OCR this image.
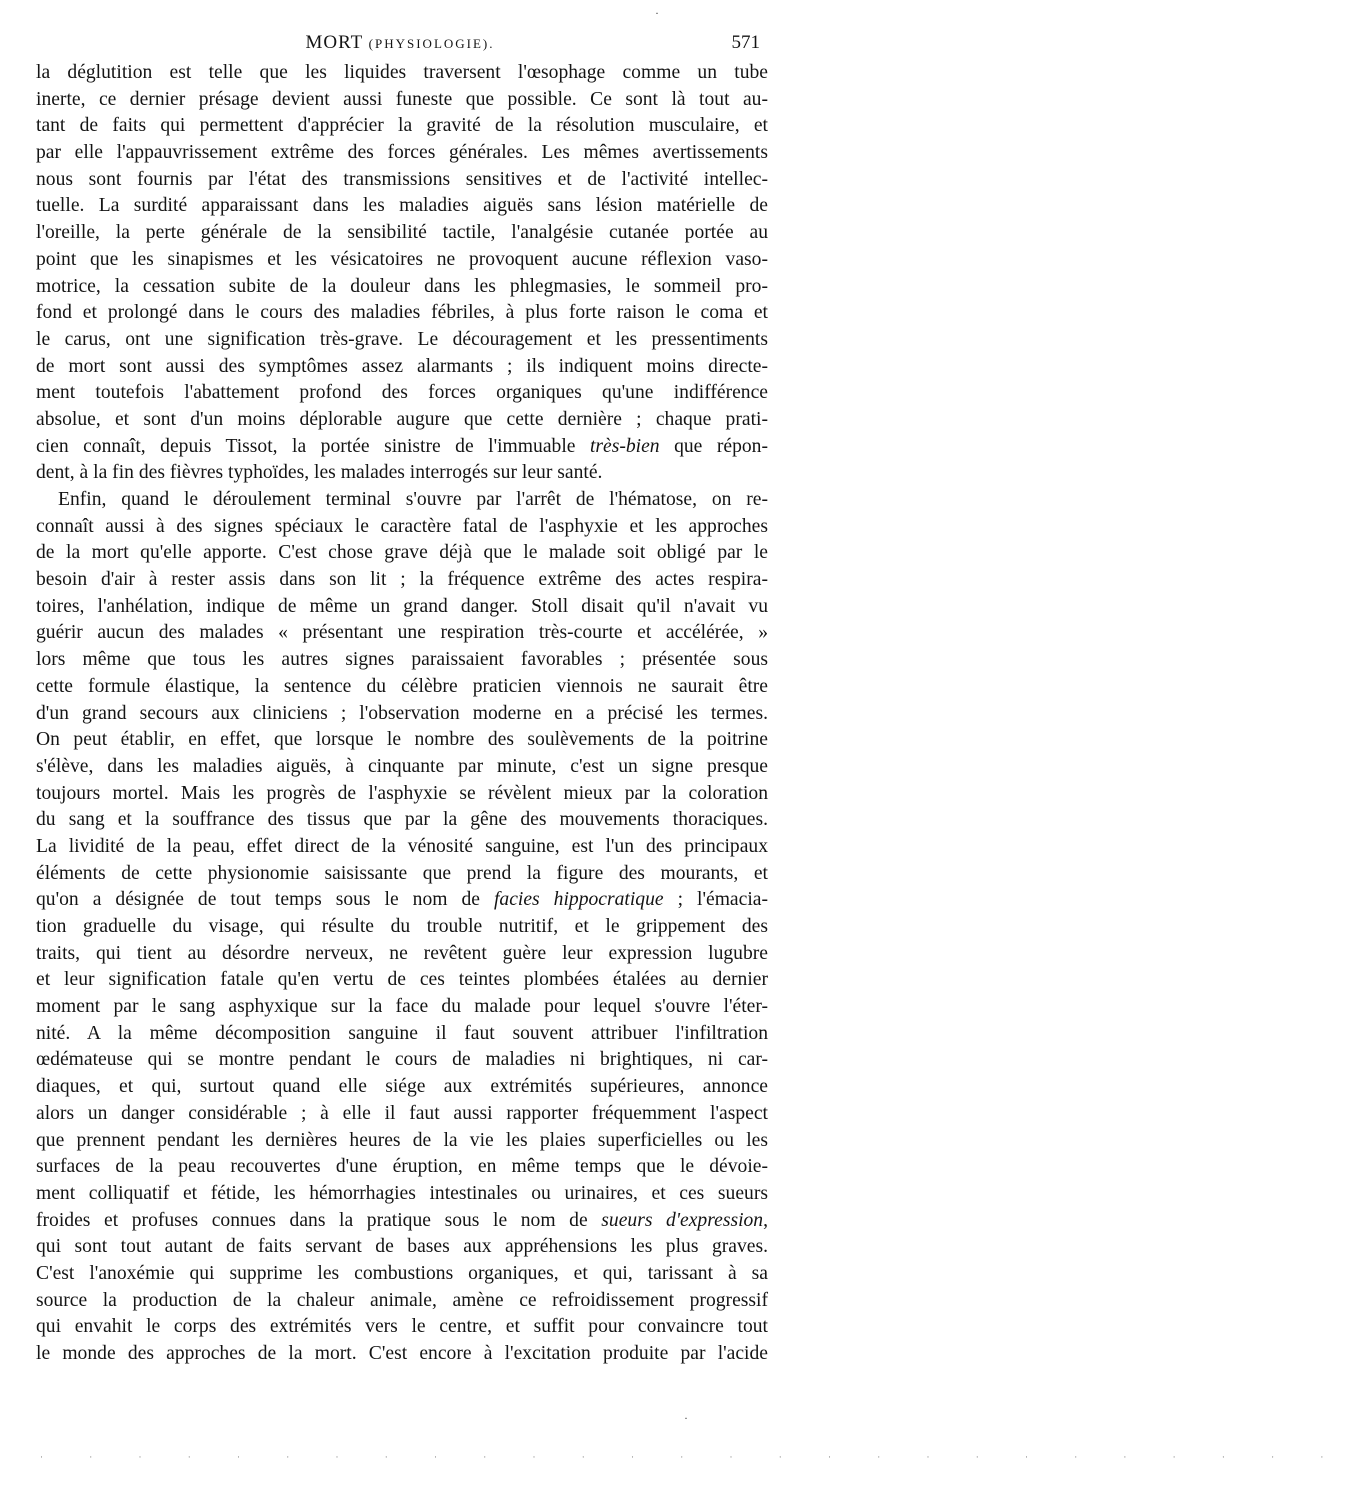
MORT (PHYSIOLOGIE).	571
la déglutition est telle que les liquides traversent l'œsophage comme un tube
inerte, ce dernier présage devient aussi funeste que possible. Ce sont là tout au-
tant de faits qui permettent d'apprécier la gravité de la résolution musculaire, et
par elle l'appauvrissement extrême des forces générales. Les mêmes avertissements
nous sont fournis par l'état des transmissions sensitives et de l'activité intellec-
tuelle. La surdité apparaissant dans les maladies aiguës sans lésion matérielle de
l'oreille, la perte générale de la sensibilité tactile, l'analgésie cutanée portée au
point que les sinapismes et les vésicatoires ne provoquent aucune réflexion vaso-
motrice, la cessation subite de la douleur dans les phlegmasies, le sommeil pro-
fond et prolongé dans le cours des maladies fébriles, à plus forte raison le coma et
le carus, ont une signification très-grave. Le découragement et les pressentiments
de mort sont aussi des symptômes assez alarmants ; ils indiquent moins directe-
ment toutefois l'abattement profond des forces organiques qu'une indifférence
absolue, et sont d'un moins déplorable augure que cette dernière ; chaque prati-
cien connaît, depuis Tissot, la portée sinistre de l'immuable très-bien que répon-
dent, à la fin des fièvres typhoïdes, les malades interrogés sur leur santé.
Enfin, quand le déroulement terminal s'ouvre par l'arrêt de l'hématose, on re-
connaît aussi à des signes spéciaux le caractère fatal de l'asphyxie et les approches
de la mort qu'elle apporte. C'est chose grave déjà que le malade soit obligé par le
besoin d'air à rester assis dans son lit ; la fréquence extrême des actes respira-
toires, l'anhélation, indique de même un grand danger. Stoll disait qu'il n'avait vu
guérir aucun des malades « présentant une respiration très-courte et accélérée, »
lors même que tous les autres signes paraissaient favorables ; présentée sous
cette formule élastique, la sentence du célèbre praticien viennois ne saurait être
d'un grand secours aux cliniciens ; l'observation moderne en a précisé les termes.
On peut établir, en effet, que lorsque le nombre des soulèvements de la poitrine
s'élève, dans les maladies aiguës, à cinquante par minute, c'est un signe presque
toujours mortel. Mais les progrès de l'asphyxie se révèlent mieux par la coloration
du sang et la souffrance des tissus que par la gêne des mouvements thoraciques.
La lividité de la peau, effet direct de la vénosité sanguine, est l'un des principaux
éléments de cette physionomie saisissante que prend la figure des mourants, et
qu'on a désignée de tout temps sous le nom de facies hippocratique ; l'émacia-
tion graduelle du visage, qui résulte du trouble nutritif, et le grippement des
traits, qui tient au désordre nerveux, ne revêtent guère leur expression lugubre
et leur signification fatale qu'en vertu de ces teintes plombées étalées au dernier
moment par le sang asphyxique sur la face du malade pour lequel s'ouvre l'éter-
nité. A la même décomposition sanguine il faut souvent attribuer l'infiltration
œdémateuse qui se montre pendant le cours de maladies ni brightiques, ni car-
diaques, et qui, surtout quand elle siége aux extrémités supérieures, annonce
alors un danger considérable ; à elle il faut aussi rapporter fréquemment l'aspect
que prennent pendant les dernières heures de la vie les plaies superficielles ou les
surfaces de la peau recouvertes d'une éruption, en même temps que le dévoie-
ment colliquatif et fétide, les hémorrhagies intestinales ou urinaires, et ces sueurs
froides et profuses connues dans la pratique sous le nom de sueurs d'expression,
qui sont tout autant de faits servant de bases aux appréhensions les plus graves.
C'est l'anoxémie qui supprime les combustions organiques, et qui, tarissant à sa
source la production de la chaleur animale, amène ce refroidissement progressif
qui envahit le corps des extrémités vers le centre, et suffit pour convaincre tout
le monde des approches de la mort. C'est encore à l'excitation produite par l'acide
·
·
· · · · · · · · · · · · · · · · · · · · · · · · · · ·
